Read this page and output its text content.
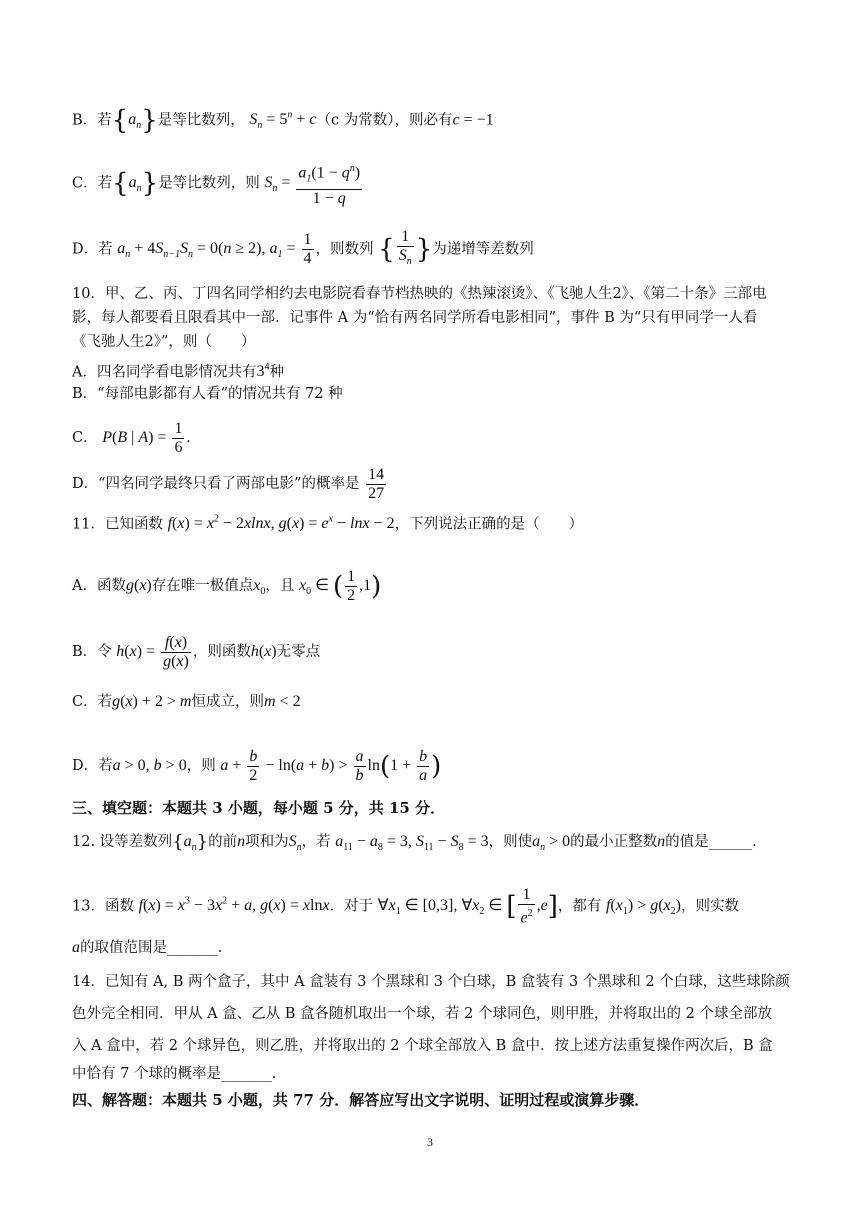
B．若$\{a_n\}$是等比数列， $S_n = 5^n + c(c$ 为常数），则必有c = −1
C．若$\{a_n\}$是等比数列，则 $S_n = \frac{a_1(1 - q^n)}{1 - q}$
D．若 $a_n + 4S_{n-1}S_n = 0(n \ge 2)$, $a_1 = \frac{1}{4}$ ，则数列 { $\frac{1}{S_n}$ }为递增等差数列
10．甲、乙、丙、丁四名同学相约去电影院看春节档热映的《热辣滚烫》、《飞驰人生2》、《第二十条》三部电
影，每人都要看且限看其中一部．记事件 A 为“恰有两名同学所看电影相同”，事件 B 为“只有甲同学一人看
《飞驰人生2》”，则（　　）
A．四名同学看电影情况共有$3^4$种
B．“每部电影都有人看”的情况共有 72 种
C． P(B | $A) = \frac{1}{6}$ .
D．“四名同学最终只看了两部电影”的概率是 $\frac{14}{27}$
11．已知函数 $f(x) = x^2 - 2xlnx$, $g(x) = e^x - \ln x - 2$，下列说法正确的是（　　）
A．函数g(x)存在唯一极值点$x_0$，且 $x_0$ ∈ ( $\frac{1}{2} ,1$)
B．令 $h(x) = \frac{f(x)}{g(x)}$ ，则函数h(x)无零点
C．若g(x) + 2 > m恒成立，则m < 2
D．若a > 0, b > 0，则 $a + \frac{b}{2} - \ln(a + b) > \frac{a}{b} \ln(1 + \frac{b}{a}$ )
三、填空题：本题共 3 小题，每小题 5 分，共 15 分．
12. 设等差数列$\{a_n\}$的前n项和为$S_n$，若 $a_{11} - a_8 = 3$, $S_{11} - S_8 = 3$，则使$a_n > 0$的最小正整数n的值是______.
13．函数 $f(x) = x^3 - 3x^2 + a$, g(x) = xlnx．对于 $\forall x_1$ ∈ [0,3], $\forall x_2$ ∈ [ $\frac{1}{e^2} ,e$]，都有 $f(x_1) > g(x_2)$，则实数
a的取值范围是_______.
14．已知有 A, B 两个盒子，其中 A 盒装有 3 个黑球和 3 个白球，B 盒装有 3 个黑球和 2 个白球，这些球除颜
色外完全相同．甲从 A 盒、乙从 B 盒各随机取出一个球，若 2 个球同色，则甲胜，并将取出的 2 个球全部放
入 A 盒中，若 2 个球异色，则乙胜，并将取出的 2 个球全部放入 B 盒中．按上述方法重复操作两次后，B 盒
中恰有 7 个球的概率是_______.
四、解答题：本题共 5 小题，共 77 分．解答应写出文字说明、证明过程或演算步骤．
3
